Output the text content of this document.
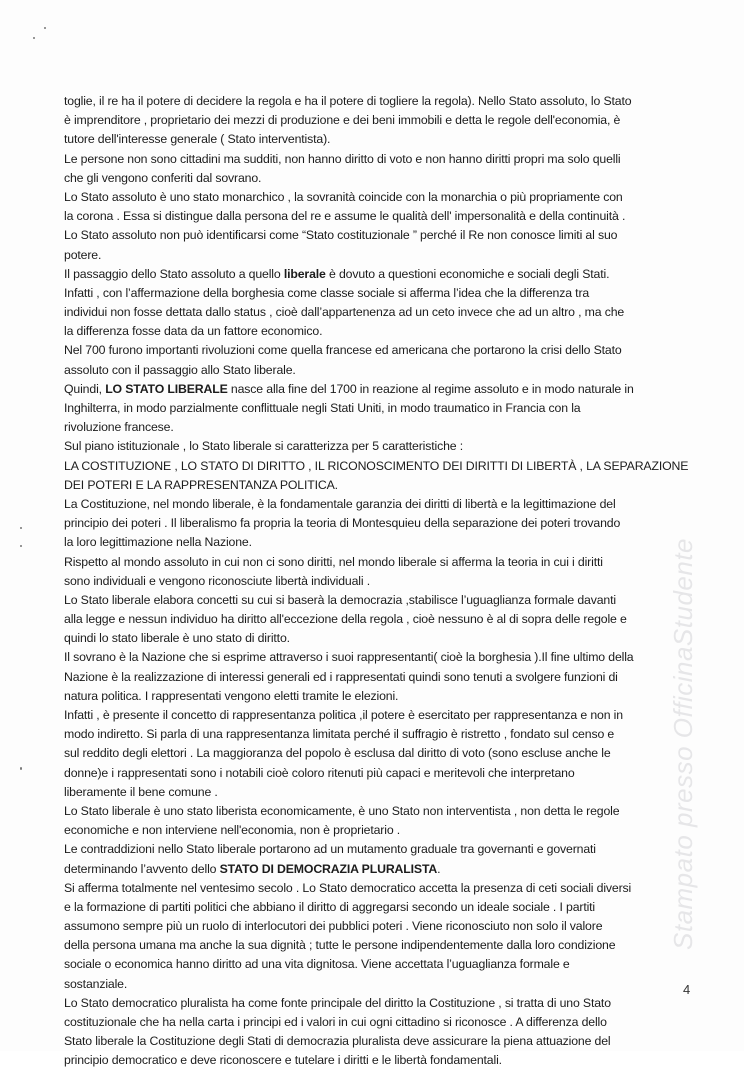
Stampato presso OfficinaStudente
toglie, il re ha il potere di decidere la regola e ha il potere di togliere la regola). Nello Stato assoluto, lo Stato
è imprenditore , proprietario dei mezzi di produzione e dei beni immobili e detta le regole dell'economia, è
tutore dell'interesse generale ( Stato interventista).
Le persone non sono cittadini ma sudditi, non hanno diritto di voto e non hanno diritti propri ma solo quelli
che gli vengono conferiti dal sovrano.
Lo Stato assoluto è uno stato monarchico , la sovranità coincide con la monarchia o più propriamente con
la corona . Essa si distingue dalla persona del re e assume le qualità dell' impersonalità e della continuità .
Lo Stato assoluto non può identificarsi come “Stato costituzionale ” perché il Re non conosce limiti al suo
potere.
Il passaggio dello Stato assoluto a quello liberale è dovuto a questioni economiche e sociali degli Stati.
Infatti , con l’affermazione della borghesia come classe sociale si afferma l’idea che la differenza tra
individui non fosse dettata dallo status , cioè dall’appartenenza ad un ceto invece che ad un altro , ma che
la differenza fosse data da un fattore economico.
Nel 700 furono importanti rivoluzioni come quella francese ed americana che portarono la crisi dello Stato
assoluto con il passaggio allo Stato liberale.
Quindi, LO STATO LIBERALE nasce alla fine del 1700 in reazione al regime assoluto e in modo naturale in
Inghilterra, in modo parzialmente conflittuale negli Stati Uniti, in modo traumatico in Francia con la
rivoluzione francese.
Sul piano istituzionale , lo Stato liberale si caratterizza per 5 caratteristiche :
LA COSTITUZIONE , LO STATO DI DIRITTO , IL RICONOSCIMENTO DEI DIRITTI DI LIBERTÀ , LA SEPARAZIONE
DEI POTERI E LA RAPPRESENTANZA POLITICA.
La Costituzione, nel mondo liberale, è la fondamentale garanzia dei diritti di libertà e la legittimazione del
principio dei poteri . Il liberalismo fa propria la teoria di Montesquieu della separazione dei poteri trovando
la loro legittimazione nella Nazione.
Rispetto al mondo assoluto in cui non ci sono diritti, nel mondo liberale si afferma la teoria in cui i diritti
sono individuali e vengono riconosciute libertà individuali .
Lo Stato liberale elabora concetti su cui si baserà la democrazia ,stabilisce l’uguaglianza formale davanti
alla legge e nessun individuo ha diritto all'eccezione della regola , cioè nessuno è al di sopra delle regole e
quindi lo stato liberale è uno stato di diritto.
Il sovrano è la Nazione che si esprime attraverso i suoi rappresentanti( cioè la borghesia ).Il fine ultimo della
Nazione è la realizzazione di interessi generali ed i rappresentati quindi sono tenuti a svolgere funzioni di
natura politica. I rappresentati vengono eletti tramite le elezioni.
Infatti , è presente il concetto di rappresentanza politica ,il potere è esercitato per rappresentanza e non in
modo indiretto. Si parla di una rappresentanza limitata perché il suffragio è ristretto , fondato sul censo e
sul reddito degli elettori . La maggioranza del popolo è esclusa dal diritto di voto (sono escluse anche le
donne)e i rappresentati sono i notabili cioè coloro ritenuti più capaci e meritevoli che interpretano
liberamente il bene comune .
Lo Stato liberale è uno stato liberista economicamente, è uno Stato non interventista , non detta le regole
economiche e non interviene nell'economia, non è proprietario .
Le contraddizioni nello Stato liberale portarono ad un mutamento graduale tra governanti e governati
determinando l’avvento dello STATO DI DEMOCRAZIA PLURALISTA.
Si afferma totalmente nel ventesimo secolo . Lo Stato democratico accetta la presenza di ceti sociali diversi
e la formazione di partiti politici che abbiano il diritto di aggregarsi secondo un ideale sociale . I partiti
assumono sempre più un ruolo di interlocutori dei pubblici poteri . Viene riconosciuto non solo il valore
della persona umana ma anche la sua dignità ; tutte le persone indipendentemente dalla loro condizione
sociale o economica hanno diritto ad una vita dignitosa. Viene accettata l’uguaglianza formale e
sostanziale.
Lo Stato democratico pluralista ha come fonte principale del diritto la Costituzione , si tratta di uno Stato
costituzionale che ha nella carta i principi ed i valori in cui ogni cittadino si riconosce . A differenza dello
Stato liberale la Costituzione degli Stati di democrazia pluralista deve assicurare la piena attuazione del
principio democratico e deve riconoscere e tutelare i diritti e le libertà fondamentali.
4
